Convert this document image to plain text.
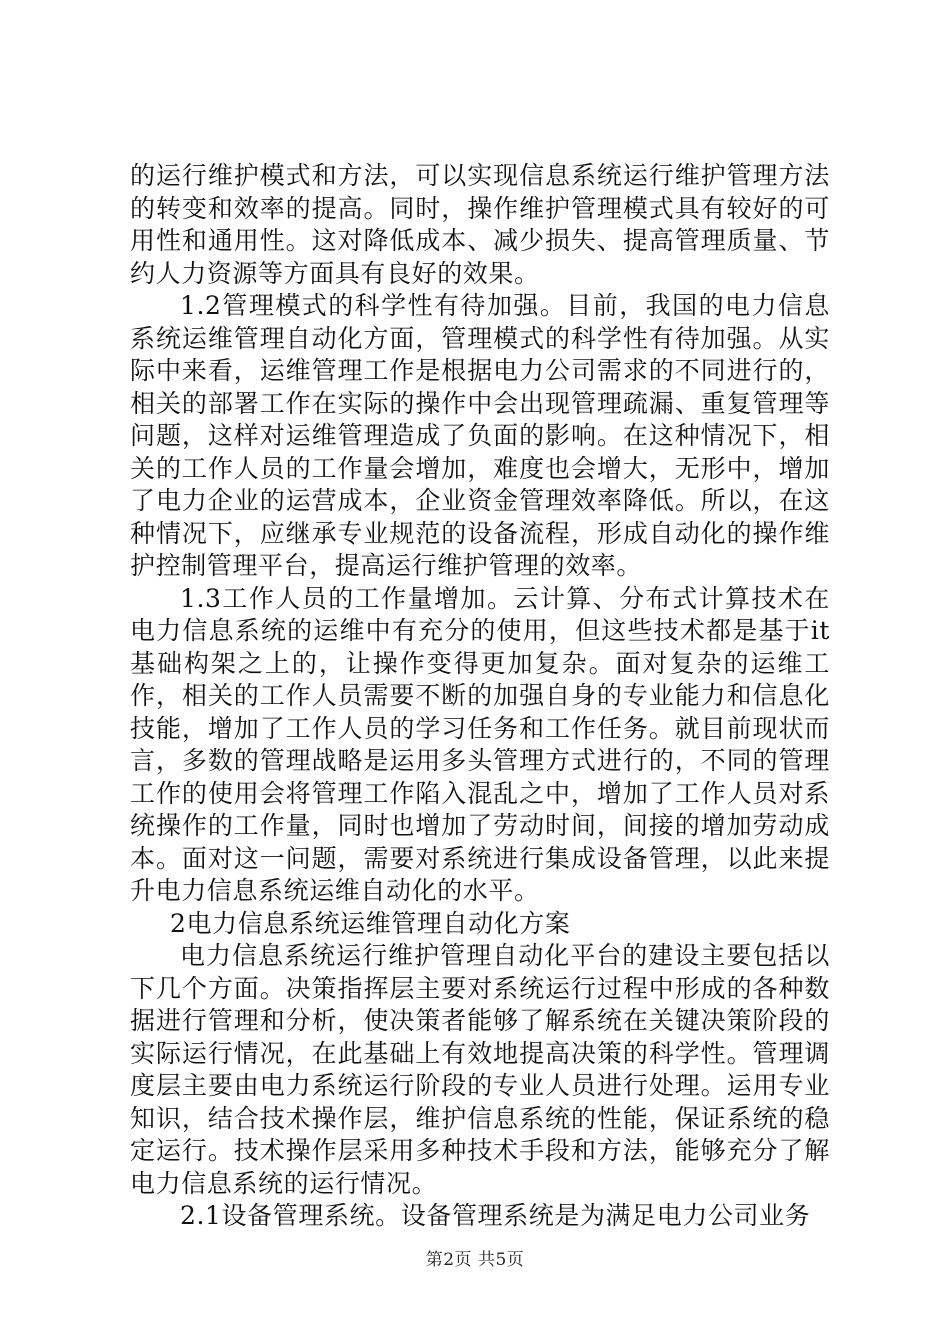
的运行维护模式和方法，可以实现信息系统运行维护管理方法的转变和效率的提高。同时，操作维护管理模式具有较好的可用性和通用性。这对降低成本、减少损失、提高管理质量、节约人力资源等方面具有良好的效果。

1.2管理模式的科学性有待加强。目前，我国的电力信息系统运维管理自动化方面，管理模式的科学性有待加强。从实际中来看，运维管理工作是根据电力公司需求的不同进行的，相关的部署工作在实际的操作中会出现管理疏漏、重复管理等问题，这样对运维管理造成了负面的影响。在这种情况下，相关的工作人员的工作量会增加，难度也会增大，无形中，增加了电力企业的运营成本，企业资金管理效率降低。所以，在这种情况下，应继承专业规范的设备流程，形成自动化的操作维护控制管理平台，提高运行维护管理的效率。

1.3工作人员的工作量增加。云计算、分布式计算技术在电力信息系统的运维中有充分的使用，但这些技术都是基于it基础构架之上的，让操作变得更加复杂。面对复杂的运维工作，相关的工作人员需要不断的加强自身的专业能力和信息化技能，增加了工作人员的学习任务和工作任务。就目前现状而言，多数的管理战略是运用多头管理方式进行的，不同的管理工作的使用会将管理工作陷入混乱之中，增加了工作人员对系统操作的工作量，同时也增加了劳动时间，间接的增加劳动成本。面对这一问题，需要对系统进行集成设备管理，以此来提升电力信息系统运维自动化的水平。

2电力信息系统运维管理自动化方案

电力信息系统运行维护管理自动化平台的建设主要包括以下几个方面。决策指挥层主要对系统运行过程中形成的各种数据进行管理和分析，使决策者能够了解系统在关键决策阶段的实际运行情况，在此基础上有效地提高决策的科学性。管理调度层主要由电力系统运行阶段的专业人员进行处理。运用专业知识，结合技术操作层，维护信息系统的性能，保证系统的稳定运行。技术操作层采用多种技术手段和方法，能够充分了解电力信息系统的运行情况。

2.1设备管理系统。设备管理系统是为满足电力公司业务

第2页 共5页
